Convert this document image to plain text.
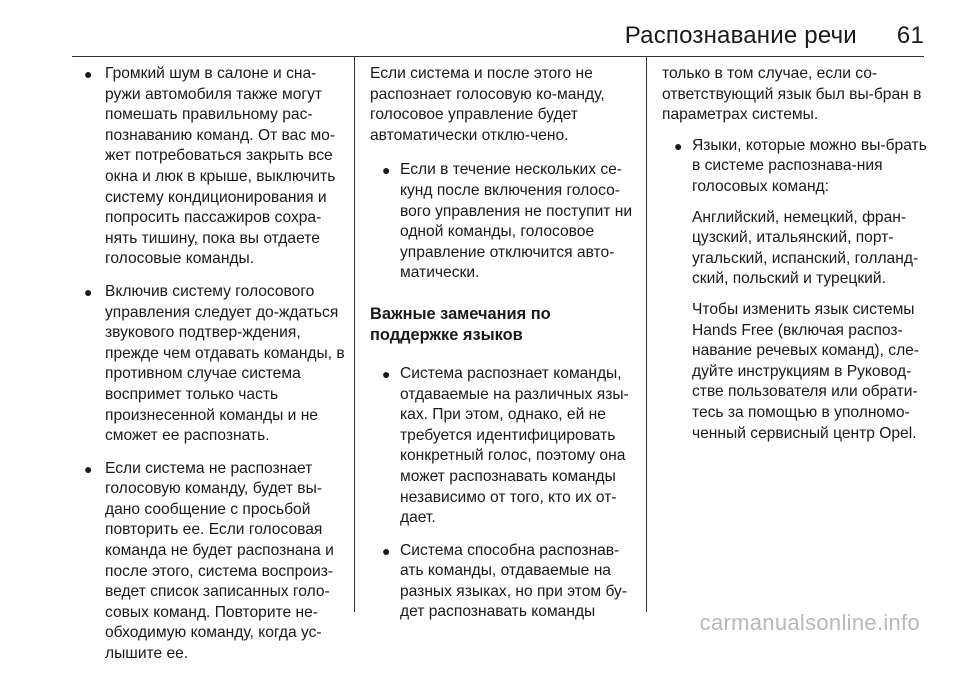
Распознавание речи 61
● Громкий шум в салоне и сна-ружи автомобиля также могут помешать правильному рас-познаванию команд. От вас мо-жет потребоваться закрыть все окна и люк в крыше, выключить систему кондиционирования и попросить пассажиров сохра-нять тишину, пока вы отдаете голосовые команды.

● Включив систему голосового управления следует до-ждаться звукового подтвер-ждения, прежде чем отдавать команды, в противном случае система воспримет только часть произнесенной команды и не сможет ее распознать.

● Если система не распознает голосовую команду, будет вы-дано сообщение с просьбой повторить ее. Если голосовая команда не будет распознана и после этого, система воспроиз-ведет список записанных голо-совых команд. Повторите не-обходимую команду, когда ус-лышите ее.

Если система и после этого не распознает голосовую ко-манду, голосовое управление будет автоматически отклю-чено.

● Если в течение нескольких се-кунд после включения голосо-вого управления не поступит ни одной команды, голосовое управление отключится авто-матически.

Важные замечания по поддержке языков
● Система распознает команды, отдаваемые на различных язы-ках. При этом, однако, ей не требуется идентифицировать конкретный голос, поэтому она может распознавать команды независимо от того, кто их от-дает.

● Система способна распознав-ать команды, отдаваемые на разных языках, но при этом бу-дет распознавать команды

только в том случае, если со-ответствующий язык был вы-бран в параметрах системы.

● Языки, которые можно вы-брать в системе распознава-ния голосовых команд:

Английский, немецкий, фран-цузский, итальянский, порт-угальский, испанский, голланд-ский, польский и турецкий.

Чтобы изменить язык системы Hands Free (включая распоз-навание речевых команд), сле-дуйте инструкциям в Руковод-стве пользователя или обрати-тесь за помощью в уполномо-ченный сервисный центр Opel.

carmanualsonline.info
